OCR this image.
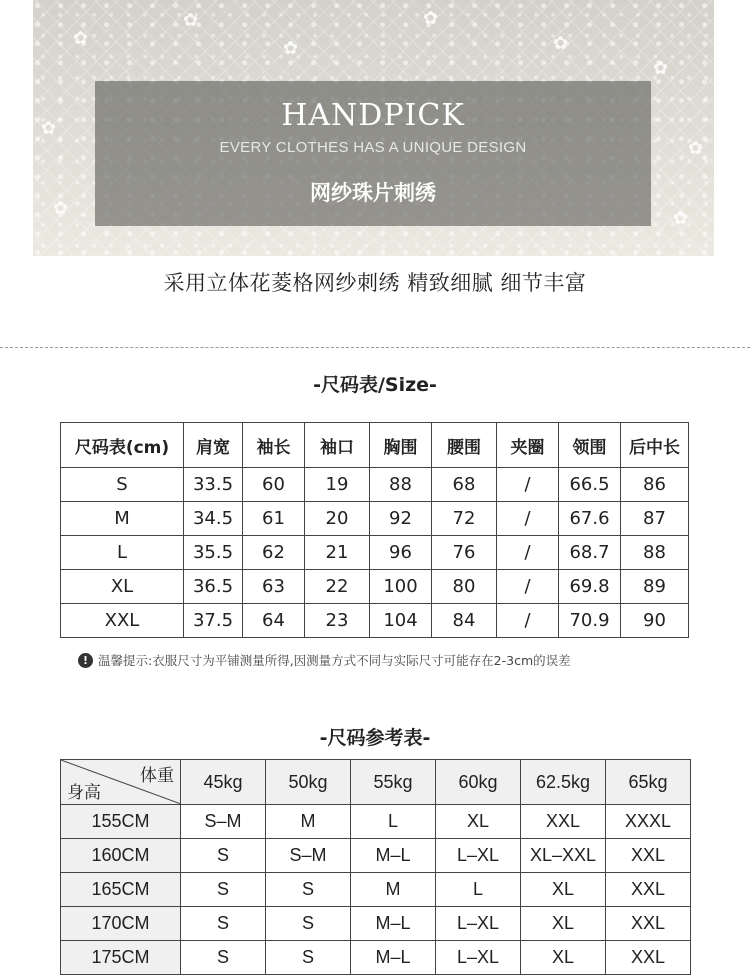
✿
✿
✿
✿
✿
✿
✿	✿
✿
✿
HANDPICK
EVERY CLOTHES HAS A UNIQUE DESIGN
网纱珠片刺绣
采用立体花菱格网纱刺绣 精致细腻 细节丰富
-尺码表/Size-
尺码表(cm)	肩宽	袖长	袖口	胸围	腰围	夹圈	领围	后中长
S	33.5	60	19	88	68	/	66.5	86
M	34.5	61	20	92	72	/	67.6	87
L	35.5	62	21	96	76	/	68.7	88
XL	36.5	63	22	100	80	/	69.8	89
XXL	37.5	64	23	104	84	/	70.9	90
! 温馨提示:衣服尺寸为平铺测量所得,因测量方式不同与实际尺寸可能存在2-3cm的误差
-尺码参考表-
体重
身高	45kg	50kg	55kg	60kg	62.5kg	65kg
155CM	S–M	M	L	XL	XXL	XXXL
160CM	S	S–M	M–L	L–XL	XL–XXL	XXL
165CM	S	S	M	L	XL	XXL
170CM	S	S	M–L	L–XL	XL	XXL
175CM	S	S	M–L	L–XL	XL	XXL
